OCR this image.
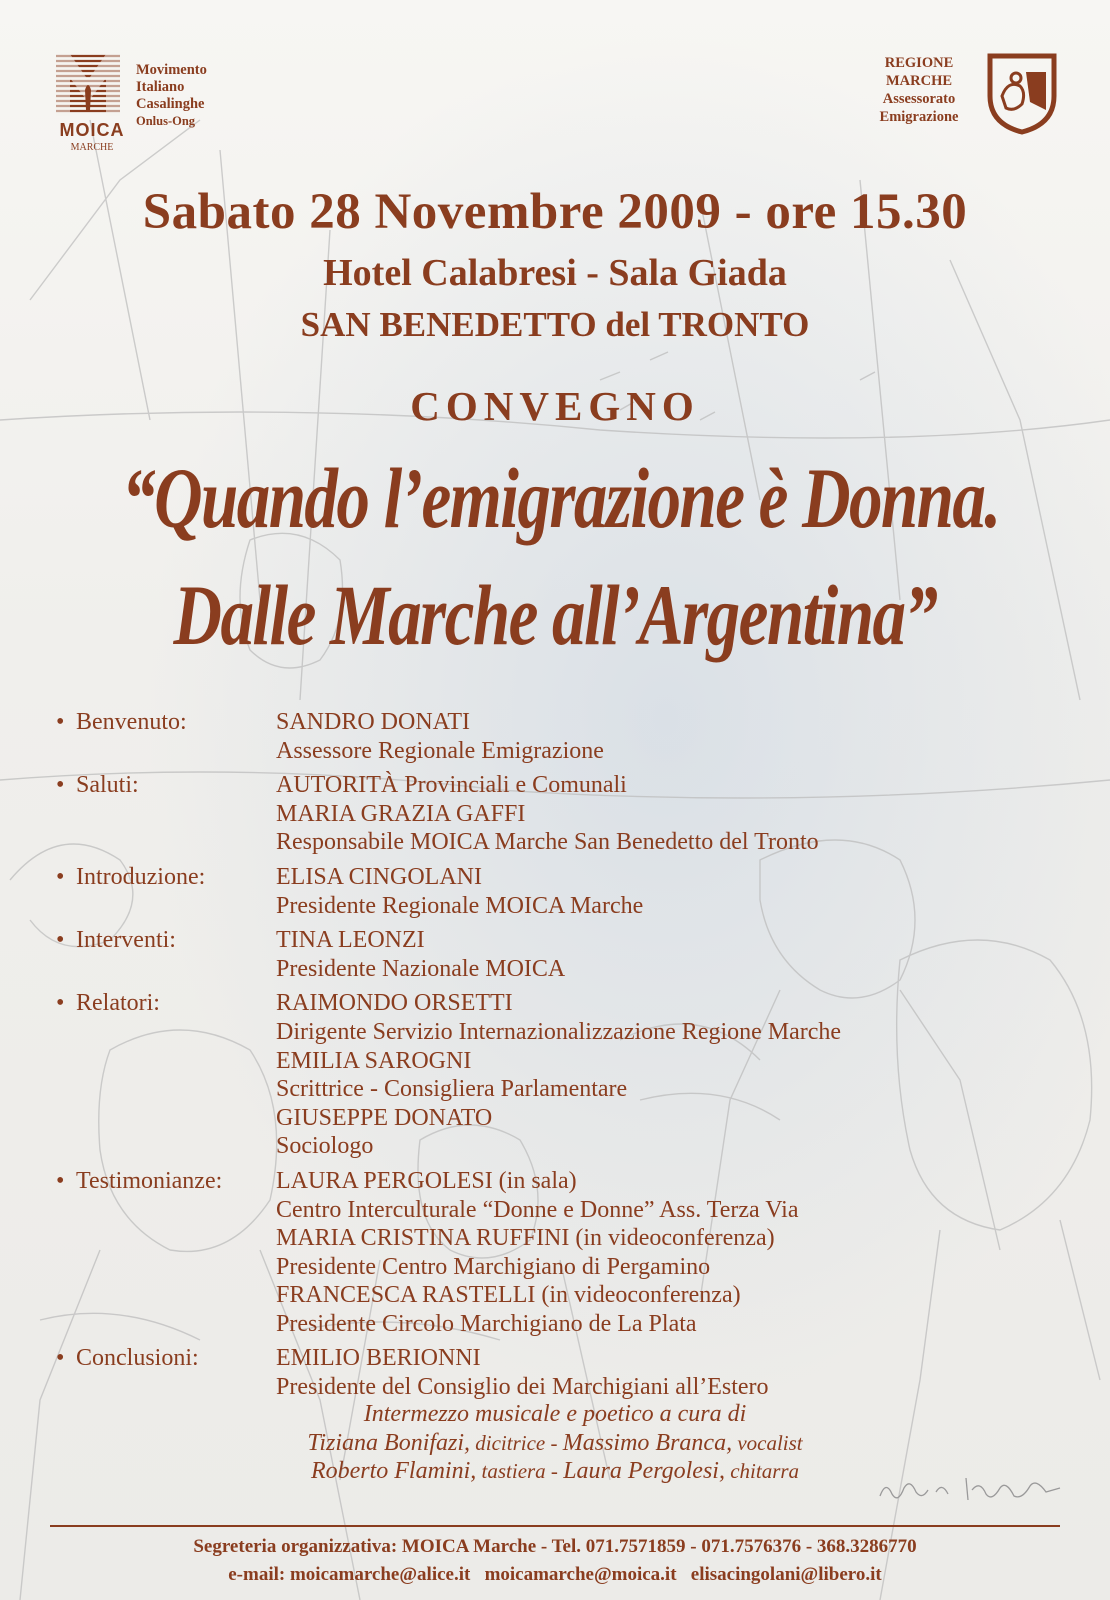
MOICA
MARCHE
Movimento
Italiano
Casalinghe
Onlus-Ong
REGIONE
MARCHE
Assessorato
Emigrazione
Sabato 28 Novembre 2009 - ore 15.30
Hotel Calabresi - Sala Giada
SAN BENEDETTO del TRONTO
CONVEGNO
“Quando l’emigrazione è Donna.
Dalle Marche all’Argentina”
• Benvenuto:	SANDRO DONATI
Assessore Regionale Emigrazione
• Saluti:	AUTORITÀ Provinciali e Comunali
MARIA GRAZIA GAFFI
Responsabile MOICA Marche San Benedetto del Tronto
• Introduzione:	ELISA CINGOLANI
Presidente Regionale MOICA Marche
• Interventi:	TINA LEONZI
Presidente Nazionale MOICA
• Relatori:	RAIMONDO ORSETTI
Dirigente Servizio Internazionalizzazione Regione Marche
EMILIA SAROGNI
Scrittrice - Consigliera Parlamentare
GIUSEPPE DONATO
Sociologo
• Testimonianze: LAURA PERGOLESI (in sala)
Centro Interculturale “Donne e Donne” Ass. Terza Via
MARIA CRISTINA RUFFINI (in videoconferenza)
Presidente Centro Marchigiano di Pergamino
FRANCESCA RASTELLI (in videoconferenza)
Presidente Circolo Marchigiano de La Plata
• Conclusioni:	EMILIO BERIONNI
Presidente del Consiglio dei Marchigiani all’Estero
Intermezzo musicale e poetico a cura di
Tiziana Bonifazi, dicitrice - Massimo Branca, vocalist
Roberto Flamini, tastiera - Laura Pergolesi, chitarra
Segreteria organizzativa: MOICA Marche - Tel. 071.7571859 - 071.7576376 - 368.3286770
e-mail: moicamarche@alice.it   moicamarche@moica.it   elisacingolani@libero.it
